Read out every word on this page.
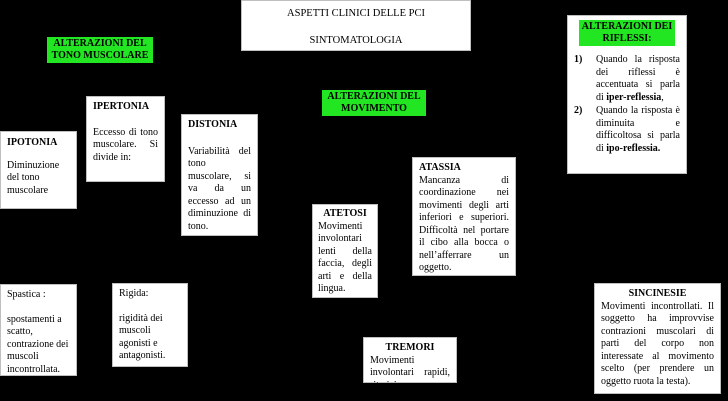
ASPETTI CLINICI DELLE PCI
SINTOMATOLOGIA
ALTERAZIONI DEL TONO MUSCOLARE
ALTERAZIONI DEL MOVIMENTO
ALTERAZIONI DEI RIFLESSI:
1)	Quando la risposta dei riflessi è accentuata si parla di iper-reflessia,
2)	Quando la risposta è diminuita e difficoltosa si parla di ipo-reflessia.
IPOTONIA

Diminuzione del tono muscolare

IPERTONIA

Eccesso di tono muscolare. Si divide in:

DISTONIA

Variabilità del tono muscolare, si va da un eccesso ad un diminuzione di tono.

Spastica :

spostamenti a scatto, contrazione dei muscoli incontrollata.

Rigida:

rigidità dei muscoli agonisti e antagonisti.

ATETOSI

Movimenti involontari lenti della faccia, degli arti e della lingua.

ATASSIA

Mancanza di coordinazione nei movimenti degli arti inferiori e superiori. Difficoltà nel portare il cibo alla bocca o nell’afferrare un oggetto.

TREMORI

Movimenti involontari rapidi, ritmici.

SINCINESIE

Movimenti incontrollati. Il soggetto ha improvvise contrazioni muscolari di parti del corpo non interessate al movimento scelto (per prendere un oggetto ruota la testa).
